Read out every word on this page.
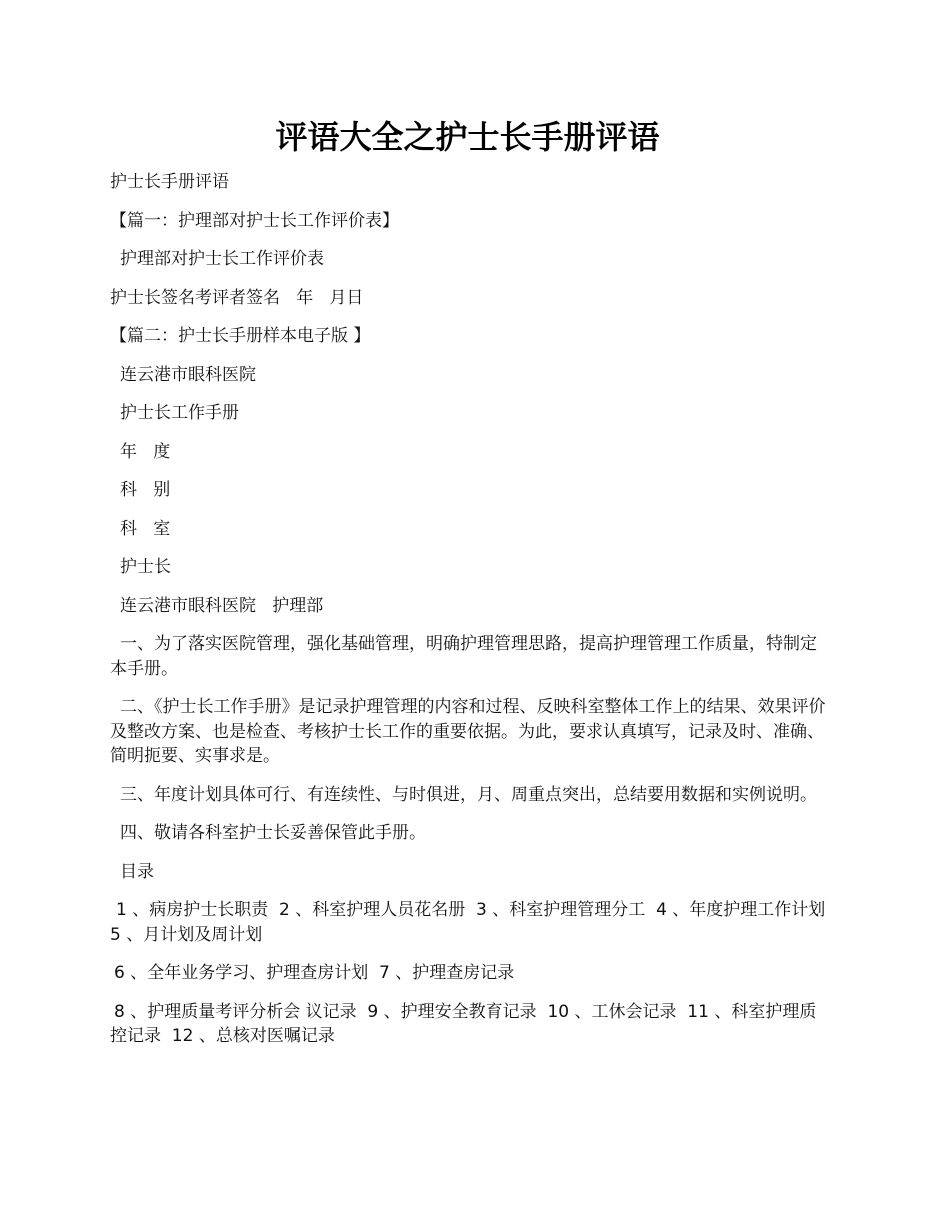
评语大全之护士长手册评语

护士长手册评语

【篇一：护理部对护士长工作评价表】

护理部对护士长工作评价表

护士长签名考评者签名   年   月日

【篇二：护士长手册样本电子版 】

连云港市眼科医院

护士长工作手册

年   度

科   别

科   室

护士长

连云港市眼科医院   护理部

一、为了落实医院管理，强化基础管理，明确护理管理思路，提高护理管理工作质量，特制定本手册。

二、《护士长工作手册》是记录护理管理的内容和过程、反映科室整体工作上的结果、效果评价及整改方案、也是检查、考核护士长工作的重要依据。为此，要求认真填写，记录及时、准确、简明扼要、实事求是。

三、年度计划具体可行、有连续性、与时俱进，月、周重点突出，总结要用数据和实例说明。

四、敬请各科室护士长妥善保管此手册。

目录

1 、病房护士长职责  2 、科室护理人员花名册  3 、科室护理管理分工  4 、年度护理工作计划  5 、月计划及周计划

6 、全年业务学习、护理查房计划  7 、护理查房记录

8 、护理质量考评分析会 议记录  9 、护理安全教育记录  10 、工休会记录  11 、科室护理质控记录  12 、总核对医嘱记录
